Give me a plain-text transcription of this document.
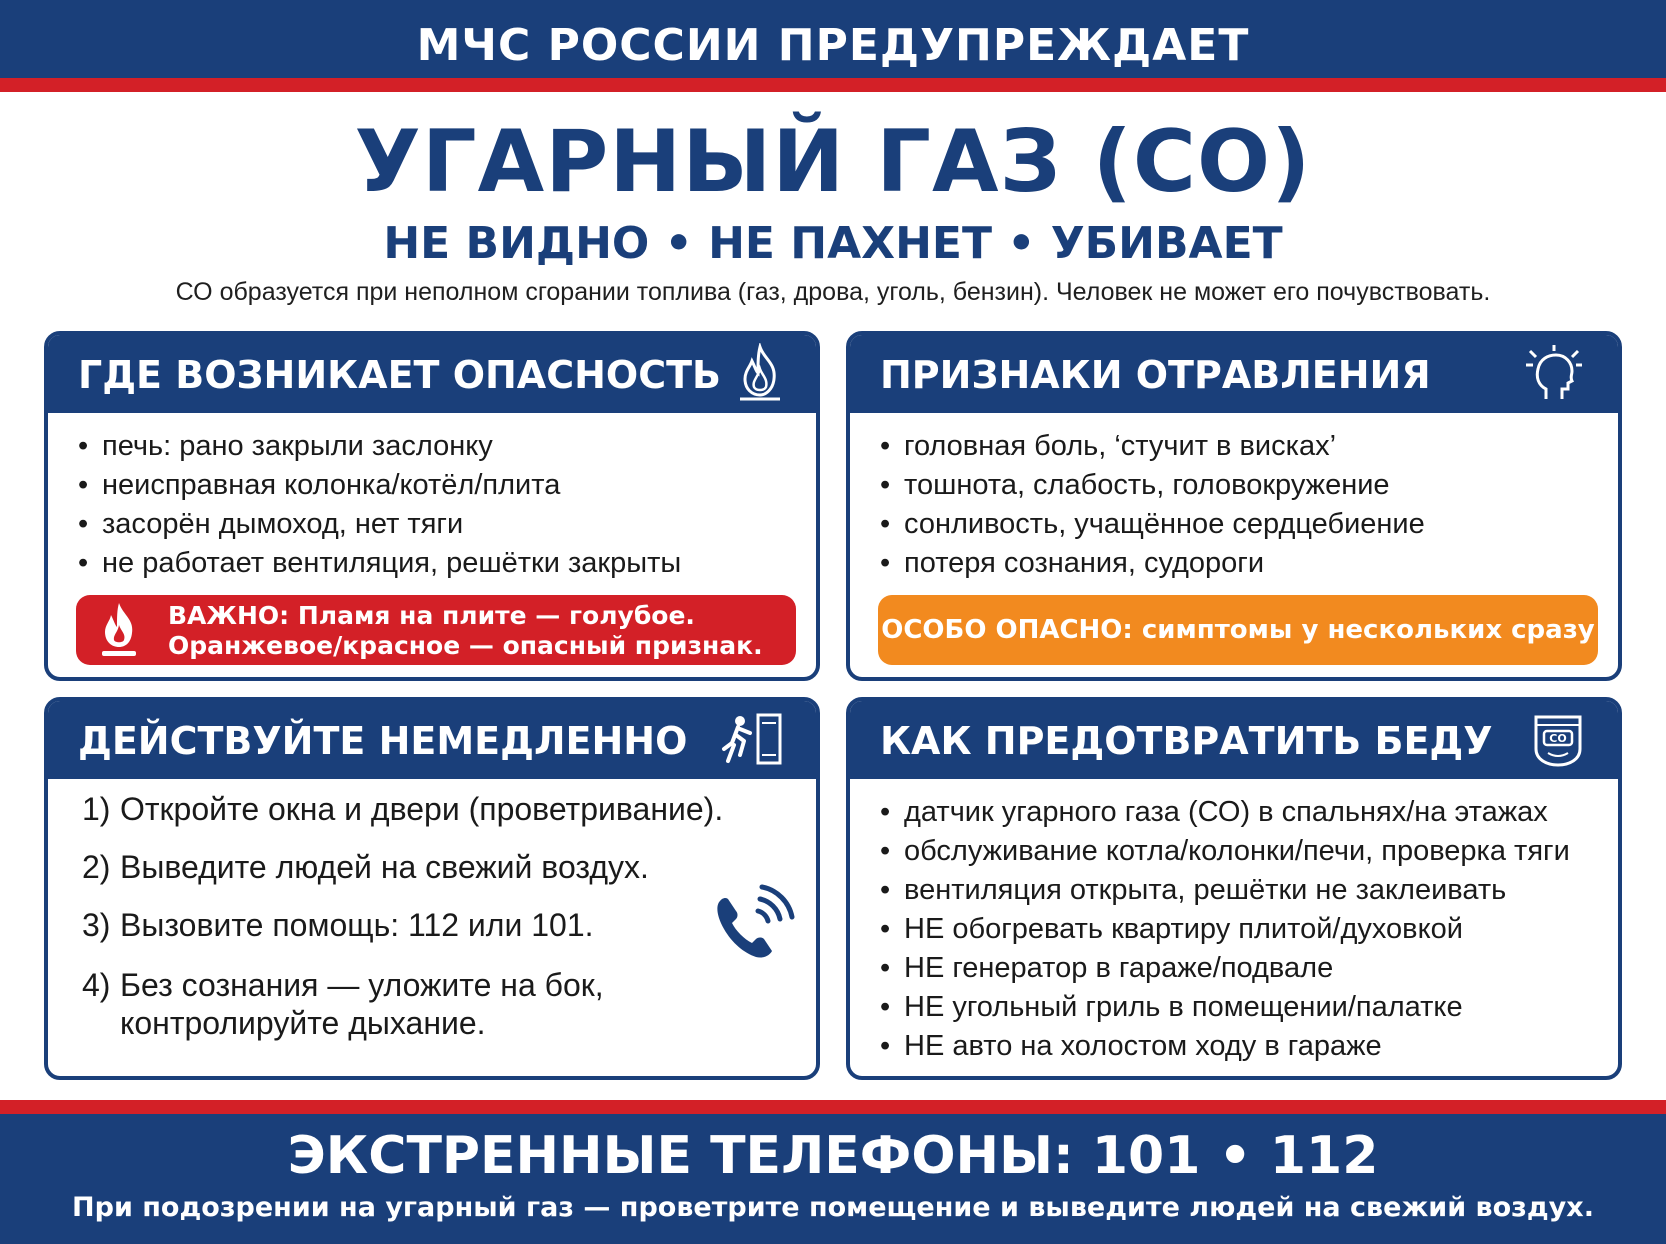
МЧС РОССИИ ПРЕДУПРЕЖДАЕТ
УГАРНЫЙ ГАЗ (СО)
НЕ ВИДНО • НЕ ПАХНЕТ • УБИВАЕТ
СО образуется при неполном сгорании топлива (газ, дрова, уголь, бензин). Человек не может его почувствовать.
ГДЕ ВОЗНИКАЕТ ОПАСНОСТЬ
• печь: рано закрыли заслонку
• неисправная колонка/котёл/плита
• засорён дымоход, нет тяги
• не работает вентиляция, решётки закрыты
ВАЖНО: Пламя на плите — голубое.
Оранжевое/красное — опасный признак.
ПРИЗНАКИ ОТРАВЛЕНИЯ
• головная боль, ‘стучит в висках’
• тошнота, слабость, головокружение
• сонливость, учащённое сердцебиение
• потеря сознания, судороги
ОСОБО ОПАСНО: симптомы у нескольких сразу
ДЕЙСТВУЙТЕ НЕМЕДЛЕННО
1) Откройте окна и двери (проветривание).
2) Выведите людей на свежий воздух.
3) Вызовите помощь: 112 или 101.
4) Без сознания — уложите на бок,
контролируйте дыхание.
КАК ПРЕДОТВРАТИТЬ БЕДУ	CO
• датчик угарного газа (СО) в спальнях/на этажах
• обслуживание котла/колонки/печи, проверка тяги
• вентиляция открыта, решётки не заклеивать
• НЕ обогревать квартиру плитой/духовкой
• НЕ генератор в гараже/подвале
• НЕ угольный гриль в помещении/палатке
• НЕ авто на холостом ходу в гараже
ЭКСТРЕННЫЕ ТЕЛЕФОНЫ: 101 • 112
При подозрении на угарный газ — проветрите помещение и выведите людей на свежий воздух.
